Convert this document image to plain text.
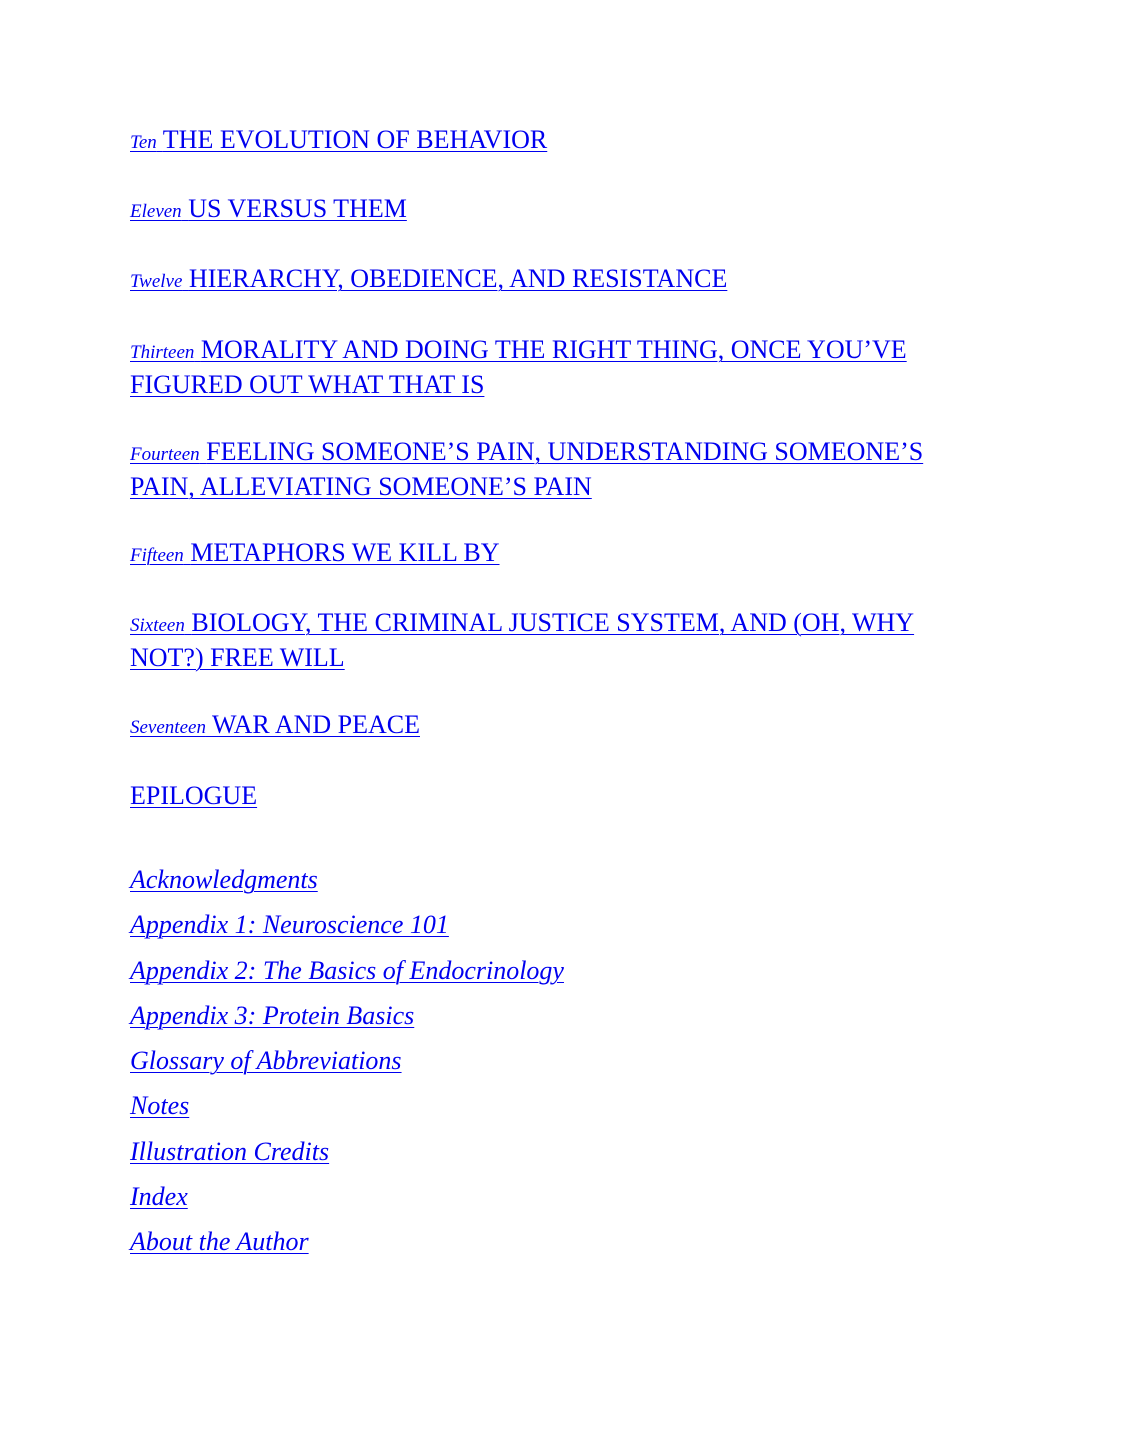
Ten THE EVOLUTION OF BEHAVIOR

Eleven US VERSUS THEM

Twelve HIERARCHY, OBEDIENCE, AND RESISTANCE

Thirteen MORALITY AND DOING THE RIGHT THING, ONCE YOU’VE FIGURED OUT WHAT THAT IS

Fourteen FEELING SOMEONE’S PAIN, UNDERSTANDING SOMEONE’S PAIN, ALLEVIATING SOMEONE’S PAIN

Fifteen METAPHORS WE KILL BY

Sixteen BIOLOGY, THE CRIMINAL JUSTICE SYSTEM, AND (OH, WHY NOT?) FREE WILL

Seventeen WAR AND PEACE

EPILOGUE

Acknowledgments

Appendix 1: Neuroscience 101

Appendix 2: The Basics of Endocrinology

Appendix 3: Protein Basics

Glossary of Abbreviations

Notes

Illustration Credits

Index

About the Author
